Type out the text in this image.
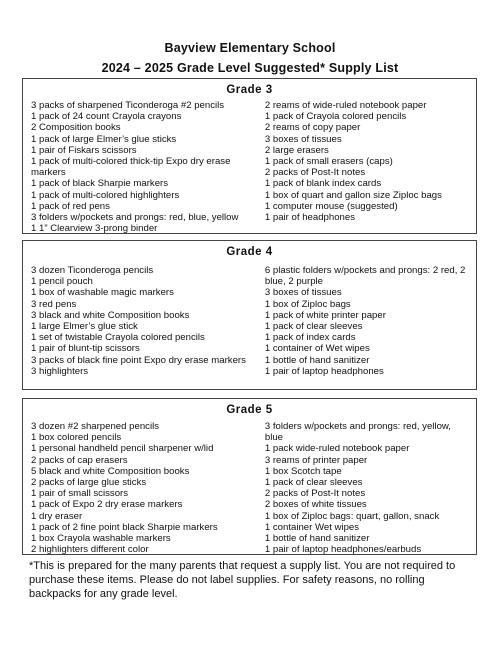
Bayview Elementary School
2024 – 2025 Grade Level Suggested* Supply List
Grade 3
3 packs of sharpened Ticonderoga #2 pencils
1 pack of 24 count Crayola crayons
2 Composition books
1 pack of large Elmer’s glue sticks
1 pair of Fiskars scissors
1 pack of multi-colored thick-tip Expo dry erase markers
1 pack of black Sharpie markers
1 pack of multi-colored highlighters
1 pack of red pens
3 folders w/pockets and prongs: red, blue, yellow
1 1” Clearview 3-prong binder
2 reams of wide-ruled notebook paper
1 pack of Crayola colored pencils
2 reams of copy paper
3 boxes of tissues
2 large erasers
1 pack of small erasers (caps)
2 packs of Post-It notes
1 pack of blank index cards
1 box of quart and gallon size Ziploc bags
1 computer mouse (suggested)
1 pair of headphones
Grade 4
3 dozen Ticonderoga pencils
1 pencil pouch
1 box of washable magic markers
3 red pens
3 black and white Composition books
1 large Elmer’s glue stick
1 set of twistable Crayola colored pencils
1 pair of blunt-tip scissors
3 packs of black fine point Expo dry erase markers
3 highlighters
6 plastic folders w/pockets and prongs: 2 red, 2 blue, 2 purple
3 boxes of tissues
1 box of Ziploc bags
1 pack of white printer paper
1 pack of clear sleeves
1 pack of index cards
1 container of Wet wipes
1 bottle of hand sanitizer
1 pair of laptop headphones
Grade 5
3 dozen #2 sharpened pencils
1 box colored pencils
1 personal handheld pencil sharpener w/lid
2 packs of cap erasers
5 black and white Composition books
2 packs of large glue sticks
1 pair of small scissors
1 pack of Expo 2 dry erase markers
1 dry eraser
1 pack of 2 fine point black Sharpie markers
1 box Crayola washable markers
2 highlighters different color
3 folders w/pockets and prongs: red, yellow, blue
1 pack wide-ruled notebook paper
3 reams of printer paper
1 box Scotch tape
1 pack of clear sleeves
2 packs of Post-It notes
2 boxes of white tissues
1 box of Ziploc bags: quart, gallon, snack
1 container Wet wipes
1 bottle of hand sanitizer
1 pair of laptop headphones/earbuds
*This is prepared for the many parents that request a supply list. You are not required to purchase these items. Please do not label supplies. For safety reasons, no rolling backpacks for any grade level.
